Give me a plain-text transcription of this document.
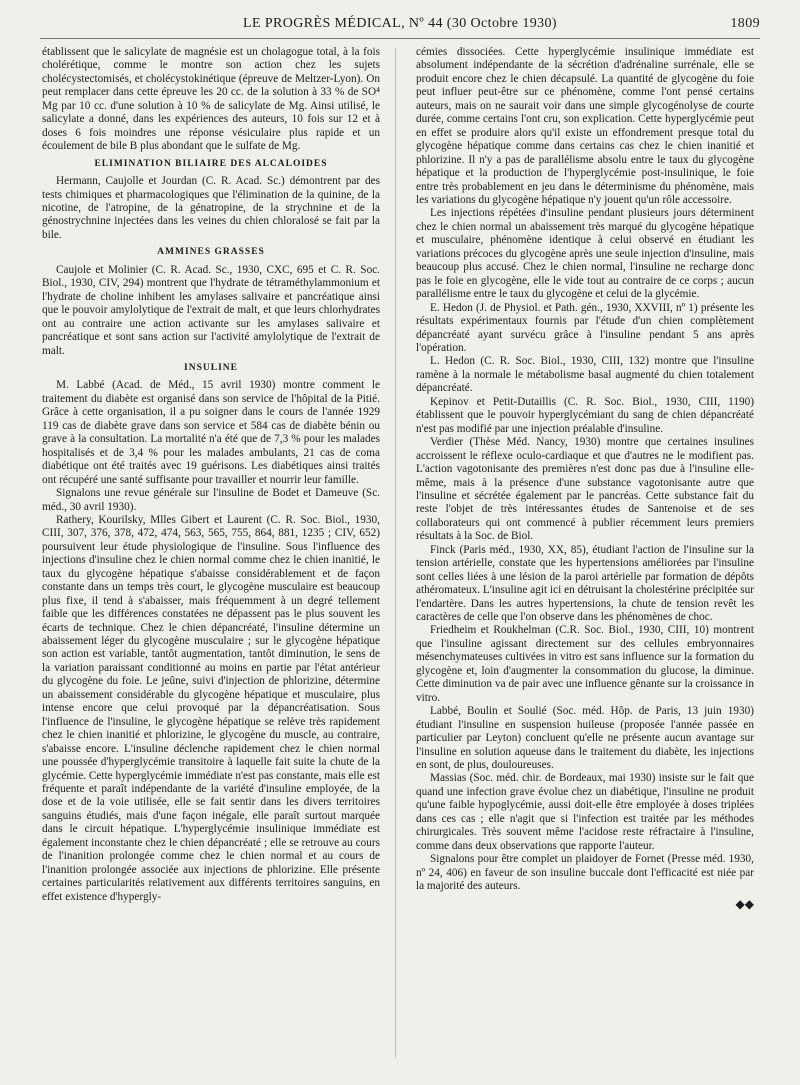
LE PROGRÈS MÉDICAL, Nº 44 (30 Octobre 1930)	1809

établissent que le salicylate de magnésie est un cholagogue total, à la fois cholérétique, comme le montre son action chez les sujets cholécystectomisés, et cholécystokinétique (épreuve de Meltzer-Lyon). On peut remplacer dans cette épreuve les 20 cc. de la solution à 33 % de SO⁴ Mg par 10 cc. d'une solution à 10 % de salicylate de Mg. Ainsi utilisé, le salicylate a donné, dans les expériences des auteurs, 10 fois sur 12 et à doses 6 fois moindres une réponse vésiculaire plus rapide et un écoulement de bile B plus abondant que le sulfate de Mg.

ELIMINATION BILIAIRE DES ALCALOIDES

Hermann, Caujolle et Jourdan (C. R. Acad. Sc.) démontrent par des tests chimiques et pharmacologiques que l'élimination de la quinine, de la nicotine, de l'atropine, de la génatropine, de la strychnine et de la génostrychnine injectées dans les veines du chien chloralosé se fait par la bile.

AMMINES GRASSES

Caujole et Molinier (C. R. Acad. Sc., 1930, CXC, 695 et C. R. Soc. Biol., 1930, CIV, 294) montrent que l'hydrate de tétraméthylammonium et l'hydrate de choline inhibent les amylases salivaire et pancréatique ainsi que le pouvoir amylolytique de l'extrait de malt, et que leurs chlorhydrates ont au contraire une action activante sur les amylases salivaire et pancréatique et sont sans action sur l'activité amylolytique de l'extrait de malt.

INSULINE

M. Labbé (Acad. de Méd., 15 avril 1930) montre comment le traitement du diabète est organisé dans son service de l'hôpital de la Pitié. Grâce à cette organisation, il a pu soigner dans le cours de l'année 1929 119 cas de diabète grave dans son service et 584 cas de diabète bénin ou grave à la consultation. La mortalité n'a été que de 7,3 % pour les malades hospitalisés et de 3,4 % pour les malades ambulants, 21 cas de coma diabétique ont été traités avec 19 guérisons. Les diabétiques ainsi traités ont récupéré une santé suffisante pour travailler et nourrir leur famille.

Signalons une revue générale sur l'insuline de Bodet et Dameuve (Sc. méd., 30 avril 1930).

Rathery, Kourilsky, Mlles Gibert et Laurent (C. R. Soc. Biol., 1930, CIII, 307, 376, 378, 472, 474, 563, 565, 755, 864, 881, 1235 ; CIV, 652) poursuivent leur étude physiologique de l'insuline. Sous l'influence des injections d'insuline chez le chien normal comme chez le chien inanitié, le taux du glycogène hépatique s'abaisse considérablement et de façon constante dans un temps très court, le glycogène musculaire est beaucoup plus fixe, il tend à s'abaisser, mais fréquemment à un degré tellement faible que les différences constatées ne dépassent pas le plus souvent les écarts de technique. Chez le chien dépancréaté, l'insuline détermine un abaissement léger du glycogène musculaire ; sur le glycogène hépatique son action est variable, tantôt augmentation, tantôt diminution, le sens de la variation paraissant conditionné au moins en partie par l'état antérieur du glycogène du foie. Le jeûne, suivi d'injection de phlorizine, détermine un abaissement considérable du glycogène hépatique et musculaire, plus intense encore que celui provoqué par la dépancréatisation. Sous l'influence de l'insuline, le glycogène hépatique se relève très rapidement chez le chien inanitié et phlorizine, le glycogène du muscle, au contraire, s'abaisse encore. L'insuline déclenche rapidement chez le chien normal une poussée d'hyperglycémie transitoire à laquelle fait suite la chute de la glycémie. Cette hyperglycémie immédiate n'est pas constante, mais elle est fréquente et paraît indépendante de la variété d'insuline employée, de la dose et de la voie utilisée, elle se fait sentir dans les divers territoires sanguins étudiés, mais d'une façon inégale, elle paraît surtout marquée dans le circuit hépatique. L'hyperglycémie insulinique immédiate est également inconstante chez le chien dépancréaté ; elle se retrouve au cours de l'inanition prolongée comme chez le chien normal et au cours de l'inanition prolongée associée aux injections de phlorizine. Elle présente certaines particularités relativement aux différents territoires sanguins, en effet existence d'hypergly-

cémies dissociées. Cette hyperglycémie insulinique immédiate est absolument indépendante de la sécrétion d'adrénaline surrénale, elle se produit encore chez le chien décapsulé. La quantité de glycogène du foie peut influer peut-être sur ce phénomène, comme l'ont pensé certains auteurs, mais on ne saurait voir dans une simple glycogénolyse de courte durée, comme certains l'ont cru, son explication. Cette hyperglycémie peut en effet se produire alors qu'il existe un effondrement presque total du glycogène hépatique comme dans certains cas chez le chien inanitié et phlorizine. Il n'y a pas de parallélisme absolu entre le taux du glycogène hépatique et la production de l'hyperglycémie post-insulinique, le foie entre très probablement en jeu dans le déterminisme du phénomène, mais les variations du glycogène hépatique n'y jouent qu'un rôle accessoire.

Les injections répétées d'insuline pendant plusieurs jours déterminent chez le chien normal un abaissement très marqué du glycogène hépatique et musculaire, phénomène identique à celui observé en étudiant les variations précoces du glycogène après une seule injection d'insuline, mais beaucoup plus accusé. Chez le chien normal, l'insuline ne recharge donc pas le foie en glycogène, elle le vide tout au contraire de ce corps ; aucun parallélisme entre le taux du glycogène et celui de la glycémie.

E. Hedon (J. de Physiol. et Path. gén., 1930, XXVIII, nº 1) présente les résultats expérimentaux fournis par l'étude d'un chien complètement dépancréaté ayant survécu grâce à l'insuline pendant 5 ans après l'opération.

L. Hedon (C. R. Soc. Biol., 1930, CIII, 132) montre que l'insuline ramène à la normale le métabolisme basal augmenté du chien totalement dépancréaté.

Kepinov et Petit-Dutaillis (C. R. Soc. Biol., 1930, CIII, 1190) établissent que le pouvoir hyperglycémiant du sang de chien dépancréaté n'est pas modifié par une injection préalable d'insuline.

Verdier (Thèse Méd. Nancy, 1930) montre que certaines insulines accroissent le réflexe oculo-cardiaque et que d'autres ne le modifient pas. L'action vagotonisante des premières n'est donc pas due à l'insuline elle-même, mais à la présence d'une substance vagotonisante autre que l'insuline et sécrétée également par le pancréas. Cette substance fait du reste l'objet de très intéressantes études de Santenoise et de ses collaborateurs qui ont commencé à publier récemment leurs premiers résultats à la Soc. de Biol.

Finck (Paris méd., 1930, XX, 85), étudiant l'action de l'insuline sur la tension artérielle, constate que les hypertensions améliorées par l'insuline sont celles liées à une lésion de la paroi artérielle par formation de dépôts athéromateux. L'insuline agit ici en détruisant la cholestérine précipitée sur l'endartère. Dans les autres hypertensions, la chute de tension revêt les caractères de celle que l'on observe dans les phénomènes de choc.

Friedheim et Roukhelman (C.R. Soc. Biol., 1930, CIII, 10) montrent que l'insuline agissant directement sur des cellules embryonnaires mésenchymateuses cultivées in vitro est sans influence sur la formation du glycogène et, loin d'augmenter la consommation du glucose, la diminue. Cette diminution va de pair avec une influence gênante sur la croissance in vitro.

Labbé, Boulin et Soulié (Soc. méd. Hôp. de Paris, 13 juin 1930) étudiant l'insuline en suspension huileuse (proposée l'année passée en particulier par Leyton) concluent qu'elle ne présente aucun avantage sur l'insuline en solution aqueuse dans le traitement du diabète, les injections en sont, de plus, douloureuses.

Massias (Soc. méd. chir. de Bordeaux, mai 1930) insiste sur le fait que quand une infection grave évolue chez un diabétique, l'insuline ne produit qu'une faible hypoglycémie, aussi doit-elle être employée à doses triplées dans ces cas ; elle n'agit que si l'infection est traitée par les méthodes chirurgicales. Très souvent même l'acidose reste réfractaire à l'insuline, comme dans deux observations que rapporte l'auteur.

Signalons pour être complet un plaidoyer de Fornet (Presse méd. 1930, nº 24, 406) en faveur de son insuline buccale dont l'efficacité est niée par la majorité des auteurs.

◆◆
